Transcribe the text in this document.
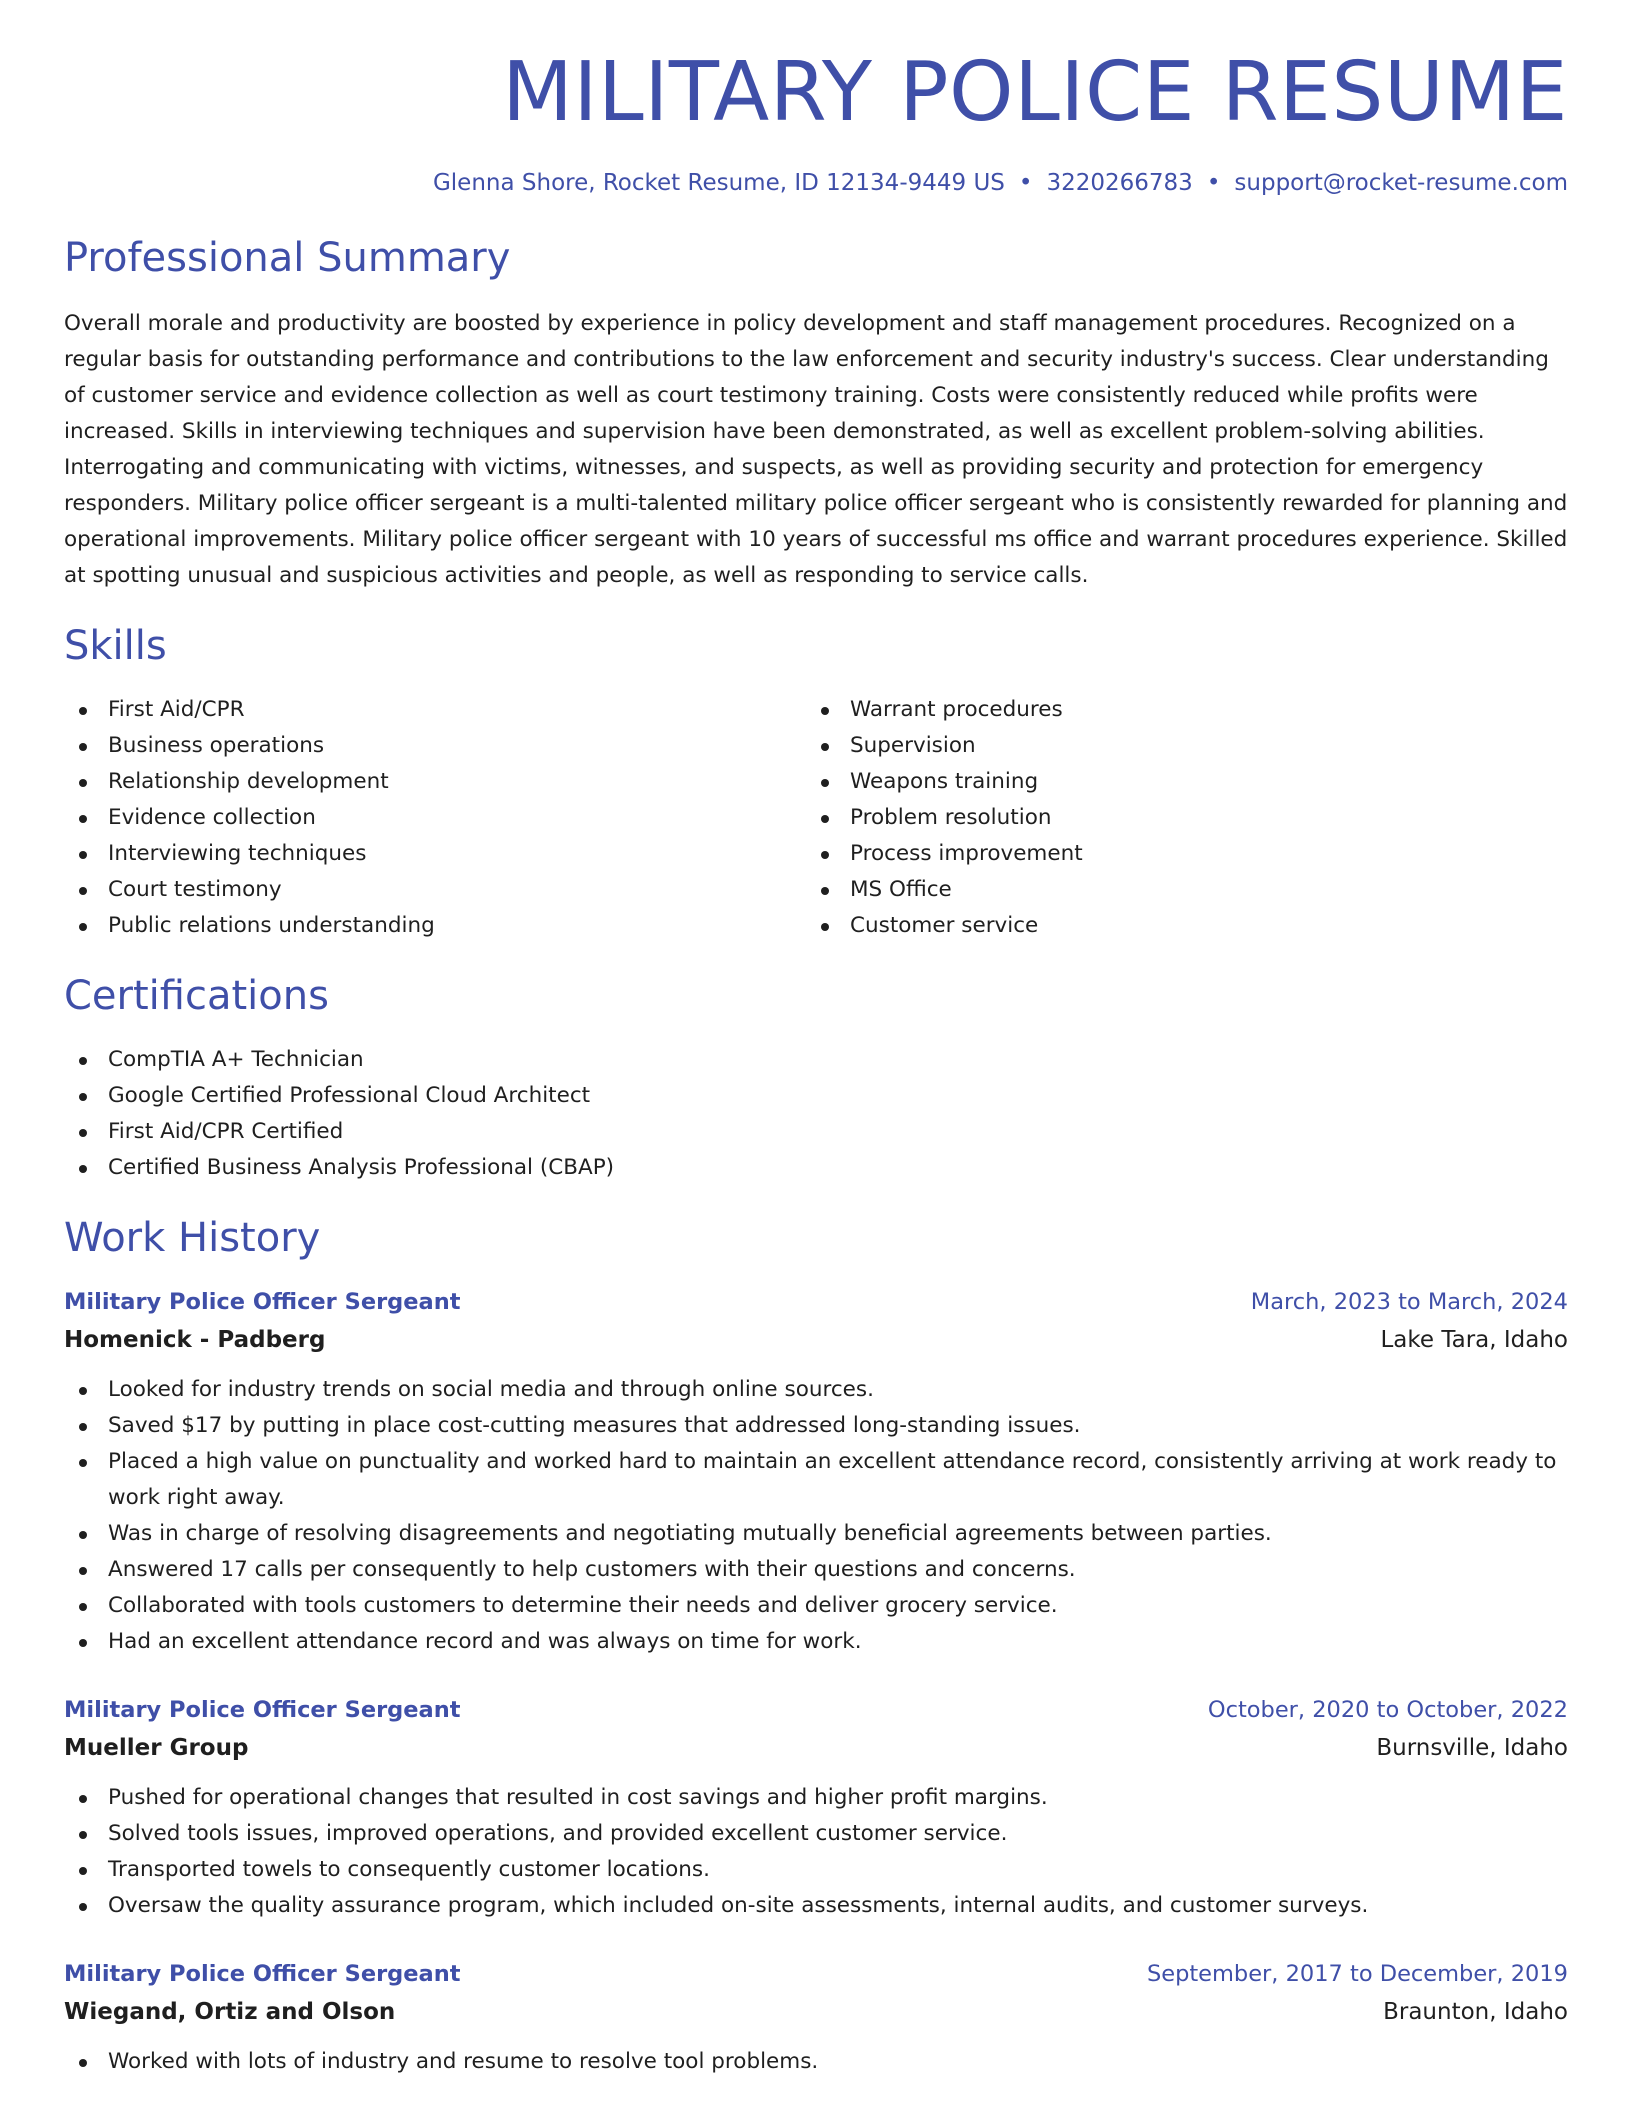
MILITARY POLICE RESUME
Glenna Shore, Rocket Resume, ID 12134-9449 US • 3220266783 • support@rocket-resume.com
Professional Summary

Overall morale and productivity are boosted by experience in policy development and staff management procedures. Recognized on a regular basis for outstanding performance and contributions to the law enforcement and security industry's success. Clear understanding of customer service and evidence collection as well as court testimony training. Costs were consistently reduced while profits were increased. Skills in interviewing techniques and supervision have been demonstrated, as well as excellent problem-solving abilities. Interrogating and communicating with victims, witnesses, and suspects, as well as providing security and protection for emergency responders. Military police officer sergeant is a multi-talented military police officer sergeant who is consistently rewarded for planning and operational improvements. Military police officer sergeant with 10 years of successful ms office and warrant procedures experience. Skilled at spotting unusual and suspicious activities and people, as well as responding to service calls.

Skills
First Aid/CPR
Business operations
Relationship development
Evidence collection
Interviewing techniques
Court testimony
Public relations understanding
Warrant procedures
Supervision
Weapons training
Problem resolution
Process improvement
MS Office
Customer service
Certifications
CompTIA A+ Technician
Google Certified Professional Cloud Architect
First Aid/CPR Certified
Certified Business Analysis Professional (CBAP)
Work History
Military Police Officer Sergeant	March, 2023 to March, 2024
Homenick - Padberg	Lake Tara, Idaho
Looked for industry trends on social media and through online sources.
Saved $17 by putting in place cost-cutting measures that addressed long-standing issues.
Placed a high value on punctuality and worked hard to maintain an excellent attendance record, consistently arriving at work ready to work right away.
Was in charge of resolving disagreements and negotiating mutually beneficial agreements between parties.
Answered 17 calls per consequently to help customers with their questions and concerns.
Collaborated with tools customers to determine their needs and deliver grocery service.
Had an excellent attendance record and was always on time for work.
Military Police Officer Sergeant	October, 2020 to October, 2022
Mueller Group	Burnsville, Idaho
Pushed for operational changes that resulted in cost savings and higher profit margins.
Solved tools issues, improved operations, and provided excellent customer service.
Transported towels to consequently customer locations.
Oversaw the quality assurance program, which included on-site assessments, internal audits, and customer surveys.
Military Police Officer Sergeant	September, 2017 to December, 2019
Wiegand, Ortiz and Olson	Braunton, Idaho
Worked with lots of industry and resume to resolve tool problems.
